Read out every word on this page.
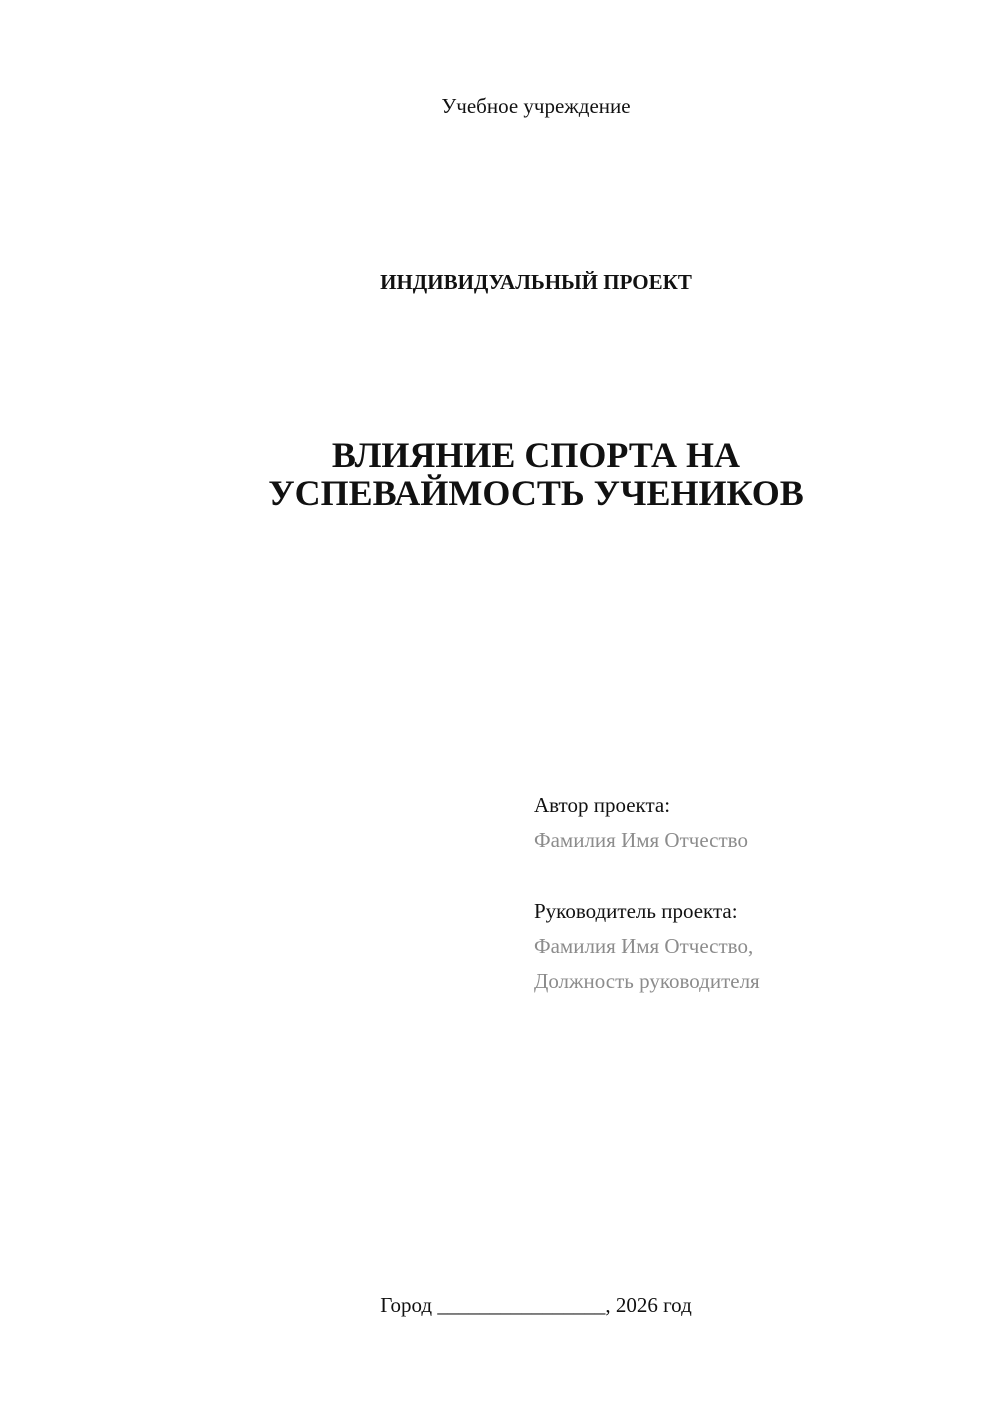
Учебное учреждение
ИНДИВИДУАЛЬНЫЙ ПРОЕКТ
ВЛИЯНИЕ СПОРТА НА
УСПЕВАЙМОСТЬ УЧЕНИКОВ
Автор проекта:
Фамилия Имя Отчество
Руководитель проекта:
Фамилия Имя Отчество,
Должность руководителя
Город ________________, 2026 год
